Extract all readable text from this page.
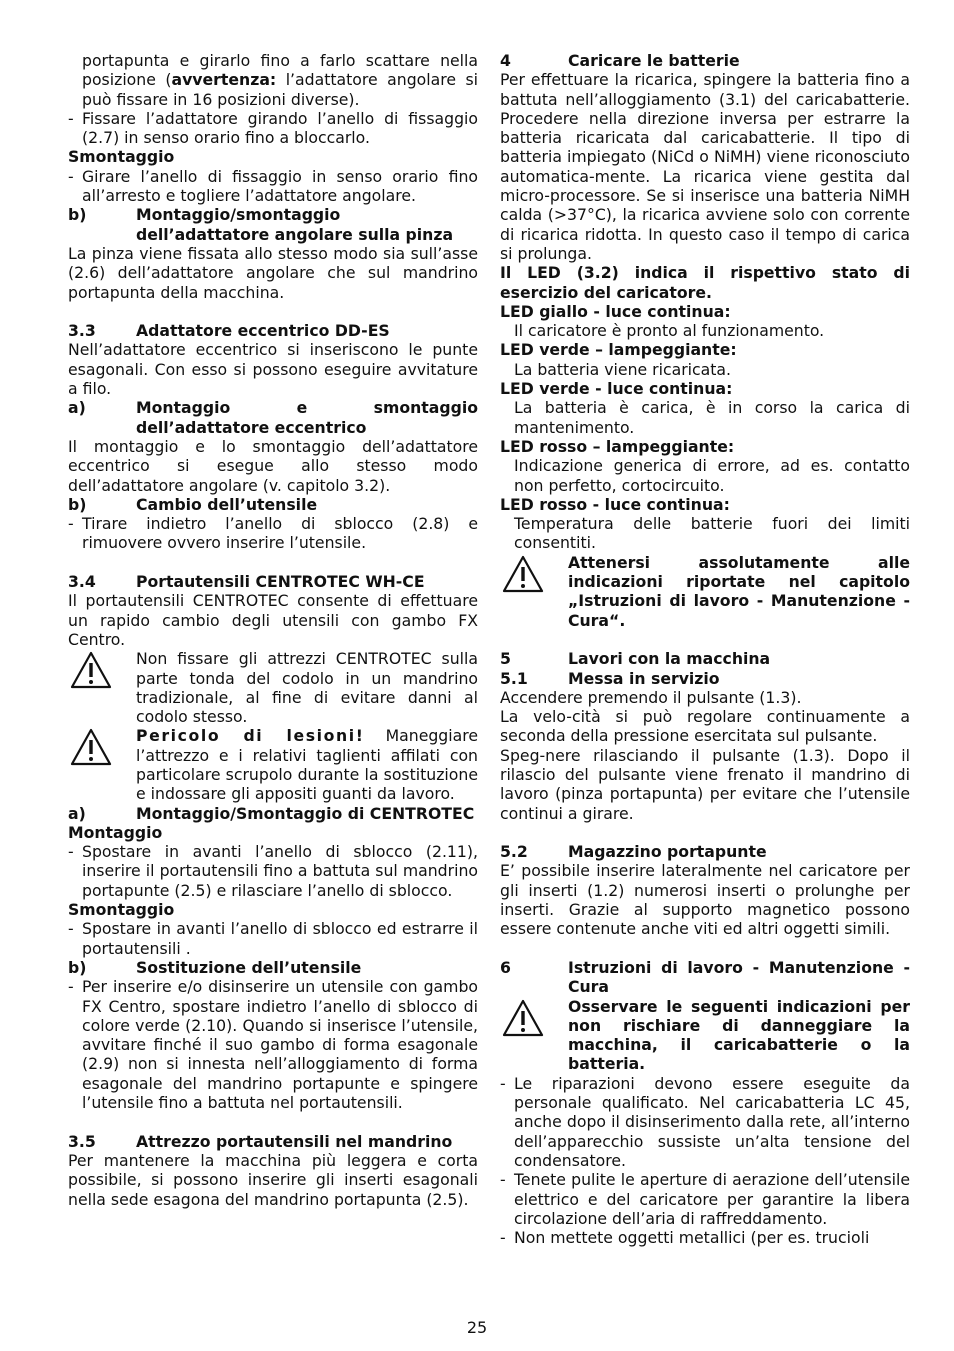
portapunta e girarlo fino a farlo scattare nella posizione (avvertenza: l’adattatore angolare si può fissare in 16 posizioni diverse).

- Fissare l’adattatore girando l’anello di fissaggio (2.7) in senso orario fino a bloccarlo.

Smontaggio

- Girare l’anello di fissaggio in senso orario fino all’arresto e togliere l’adattatore angolare.
b)	Montaggio/smontaggio dell’adattatore angolare sulla pinza

La pinza viene fissata allo stesso modo sia sull’asse (2.6) dell’adattatore angolare che sul mandrino portapunta della macchina.

3.3	Adattatore eccentrico DD-ES

Nell’adattatore eccentrico si inseriscono le punte esagonali. Con esso si possono eseguire avvitature a filo.

a)	Montaggio e smontaggio dell’adattatore eccentrico

Il montaggio e lo smontaggio dell’adattatore eccentrico si esegue allo stesso modo dell’adattatore angolare (v. capitolo 3.2).

b)	Cambio dell’utensile
- Tirare indietro l’anello di sblocco (2.8) e rimuovere ovvero inserire l’utensile.
3.4	Portautensili CENTROTEC WH-CE

Il portautensili CENTROTEC consente di effettuare un rapido cambio degli utensili con gambo FX Centro.

Non fissare gli attrezzi CENTROTEC sulla parte tonda del codolo in un mandrino tradizionale, al fine di evitare danni al codolo stesso.
Pericolo di lesioni! Maneggiare l’attrezzo e i relativi taglienti affilati con particolare scrupolo durante la sostituzione e indossare gli appositi guanti da lavoro.
a)	Montaggio/Smontaggio di CENTROTEC

Montaggio

- Spostare in avanti l’anello di sblocco (2.11), inserire il portautensili fino a battuta sul mandrino portapunte (2.5) e rilasciare l’anello di sblocco.

Smontaggio

- Spostare in avanti l’anello di sblocco ed estrarre il portautensili .
b)	Sostituzione dell’utensile
- Per inserire e/o disinserire un utensile con gambo FX Centro, spostare indietro l’anello di sblocco di colore verde (2.10). Quando si inserisce l’utensile, avvitare finché il suo gambo di forma esagonale (2.9) non si innesta nell’alloggiamento di forma esagonale del mandrino portapunte e spingere l’utensile fino a battuta nel portautensili.
3.5	Attrezzo portautensili nel mandrino

Per mantenere la macchina più leggera e corta possibile, si possono inserire gli inserti esagonali nella sede esagona del mandrino portapunta (2.5).

4	Caricare le batterie

Per effettuare la ricarica, spingere la batteria fino a battuta nell’alloggiamento (3.1) del caricabatterie. Procedere nella direzione inversa per estrarre la batteria ricaricata dal caricabatterie. Il tipo di batteria impiegato (NiCd o NiMH) viene riconosciuto automatica-mente. La ricarica viene gestita dal micro-processore. Se si inserisce una batteria NiMH calda (>37°C), la ricarica avviene solo con corrente di ricarica ridotta. In questo caso il tempo di carica si prolunga.

Il LED (3.2) indica il rispettivo stato di esercizio del caricatore.

LED giallo - luce continua:

Il caricatore è pronto al funzionamento.

LED verde – lampeggiante:

La batteria viene ricaricata.

LED verde - luce continua:

La batteria è carica, è in corso la carica di mantenimento.

LED rosso – lampeggiante:

Indicazione generica di errore, ad es. contatto non perfetto, cortocircuito.

LED rosso - luce continua:

Temperatura delle batterie fuori dei limiti consentiti.

Attenersi assolutamente alle indicazioni riportate nel capitolo „Istruzioni di lavoro - Manutenzione - Cura“.
5	Lavori con la macchina
5.1	Messa in servizio

Accendere premendo il pulsante (1.3).

La velo-cità si può regolare continuamente a seconda della pressione esercitata sul pulsante.

Speg-nere rilasciando il pulsante (1.3). Dopo il rilascio del pulsante viene frenato il mandrino di lavoro (pinza portapunta) per evitare che l’utensile continui a girare.

5.2	Magazzino portapunte

E’ possibile inserire lateralmente nel caricatore per gli inserti (1.2) numerosi inserti o prolunghe per inserti. Grazie al supporto magnetico possono essere contenute anche viti ed altri oggetti simili.

6	Istruzioni di lavoro - Manutenzione - Cura
Osservare le seguenti indicazioni per non rischiare di danneggiare la macchina, il caricabatterie o la batteria.
- Le riparazioni devono essere eseguite da personale qualificato. Nel caricabatteria LC 45, anche dopo il disinserimento dalla rete, all’interno dell’apparecchio sussiste un’alta tensione del condensatore.
- Tenete pulite le aperture di aerazione dell’utensile elettrico e del caricatore per garantire la libera circolazione dell’aria di raffreddamento.
- Non mettete oggetti metallici (per es. trucioli
25
